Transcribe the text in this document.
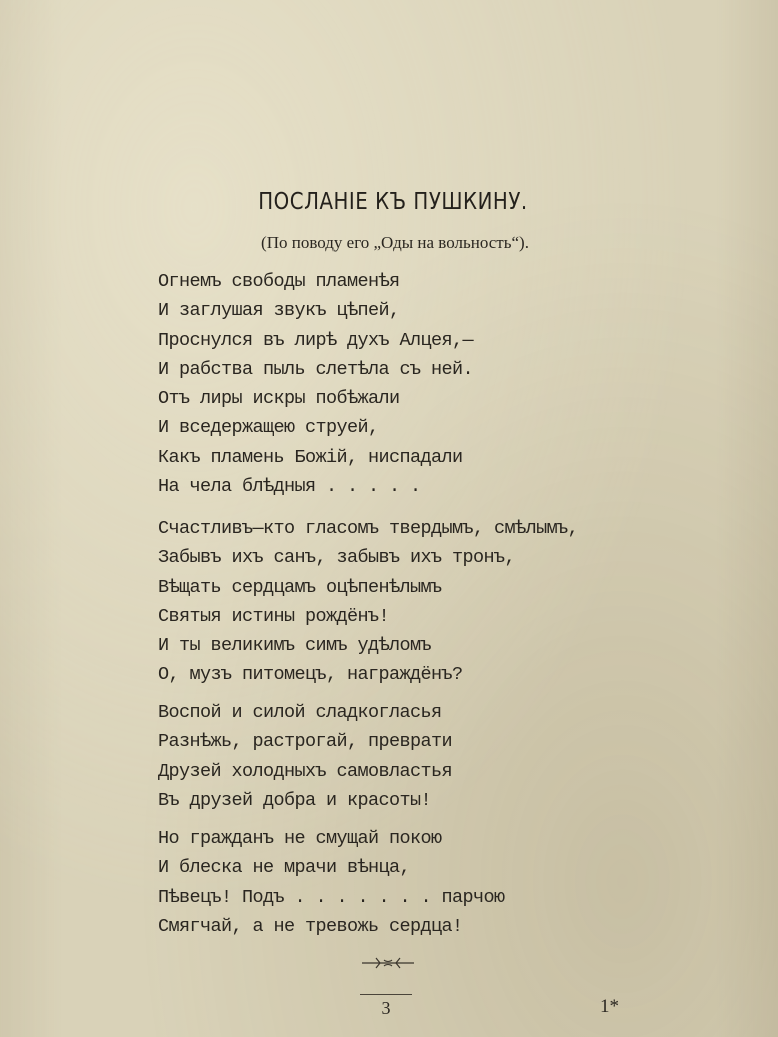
ПОСЛАНІЕ КЪ ПУШКИНУ.
(По поводу его „Оды на вольность“).
Огнемъ свободы пламенѣя
И заглушая звукъ цѣпей,
Проснулся въ лирѣ духъ Алцея,—
И рабства пыль слетѣла съ ней.
Отъ лиры искры побѣжали
И вседержащею струей,
Какъ пламень Божій, ниспадали
На чела блѣдныя . . . . .
Счастливъ—кто гласомъ твердымъ, смѣлымъ,
Забывъ ихъ санъ, забывъ ихъ тронъ,
Вѣщать сердцамъ оцѣпенѣлымъ
Святыя истины рождёнъ!
И ты великимъ симъ удѣломъ
О, музъ питомецъ, награждёнъ?
Воспой и силой сладкогласья
Разнѣжь, растрогай, преврати
Друзей холодныхъ самовластья
Въ друзей добра и красоты!
Но гражданъ не смущай покою
И блеска не мрачи вѣнца,
Пѣвецъ! Подъ . . . . . . . парчою
Смягчай, а не тревожь сердца!
3	1*
